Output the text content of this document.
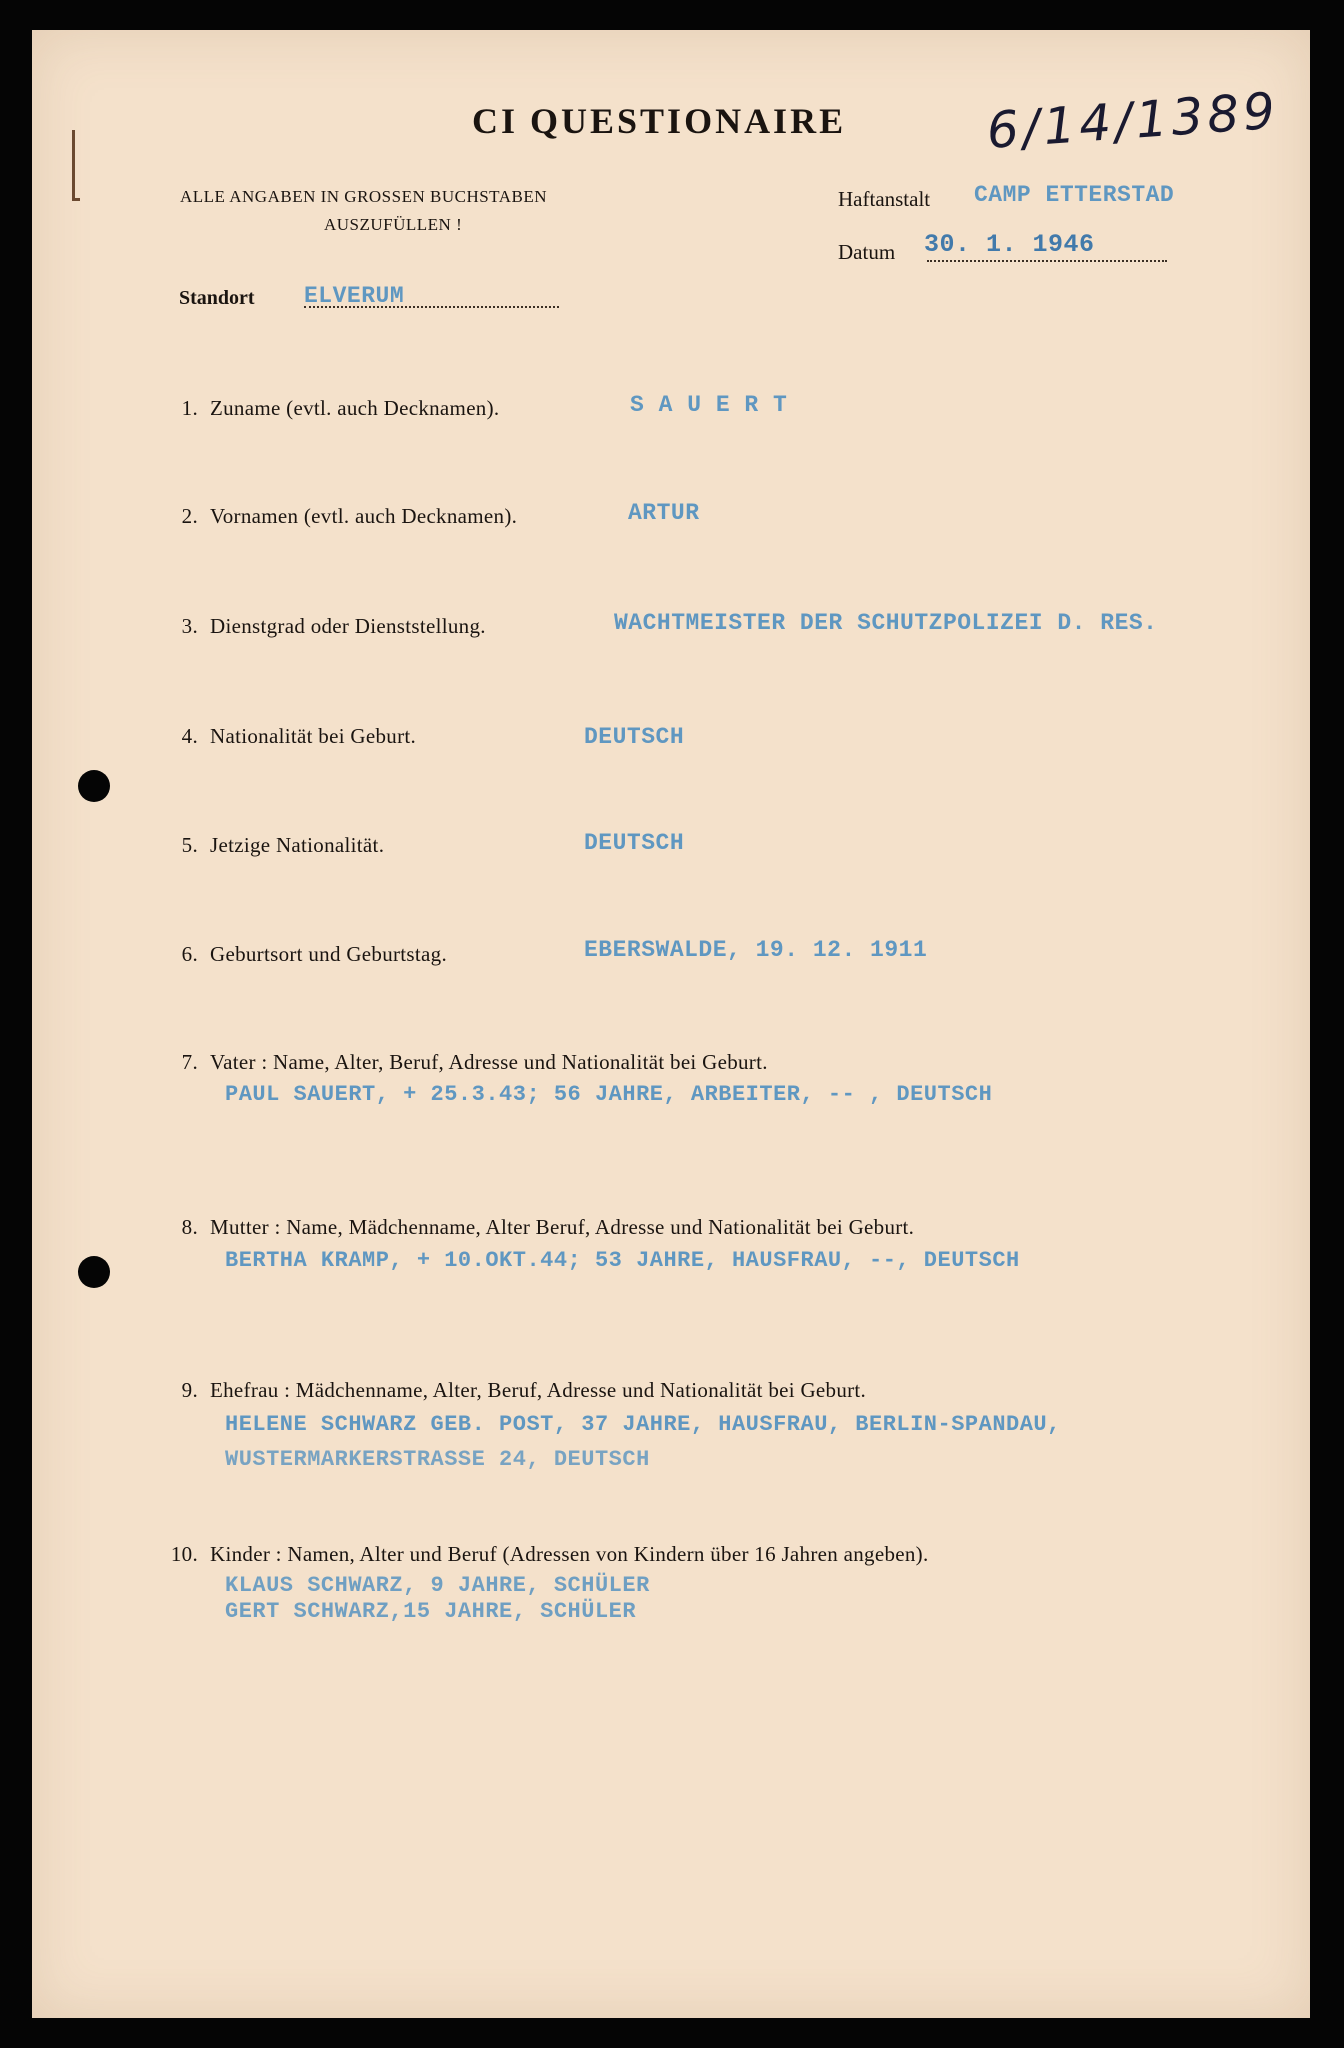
CI QUESTIONAIRE	6/14/1389
ALLE ANGABEN IN GROSSEN BUCHSTABEN
AUSZUFÜLLEN !
Haftanstalt CAMP ETTERSTAD
Datum 30. 1. 1946
Standort ELVERUM
1. Zuname (evtl. auch Decknamen).	S A U E R T
2. Vornamen (evtl. auch Decknamen).	ARTUR
3. Dienstgrad oder Dienststellung.	WACHTMEISTER DER SCHUTZPOLIZEI D. RES.
4. Nationalität bei Geburt.	DEUTSCH
5. Jetzige Nationalität.	DEUTSCH
6. Geburtsort und Geburtstag.	EBERSWALDE, 19. 12. 1911
7. Vater : Name, Alter, Beruf, Adresse und Nationalität bei Geburt.
PAUL SAUERT, + 25.3.43; 56 JAHRE, ARBEITER, -- , DEUTSCH
8. Mutter : Name, Mädchenname, Alter Beruf, Adresse und Nationalität bei Geburt.
BERTHA KRAMP, + 10.OKT.44; 53 JAHRE, HAUSFRAU, --, DEUTSCH
9. Ehefrau : Mädchenname, Alter, Beruf, Adresse und Nationalität bei Geburt.
HELENE SCHWARZ GEB. POST, 37 JAHRE, HAUSFRAU, BERLIN-SPANDAU,
WUSTERMARKERSTRASSE 24, DEUTSCH
10. Kinder : Namen, Alter und Beruf (Adressen von Kindern über 16 Jahren angeben).
KLAUS SCHWARZ, 9 JAHRE, SCHÜLER
GERT SCHWARZ,15 JAHRE, SCHÜLER
